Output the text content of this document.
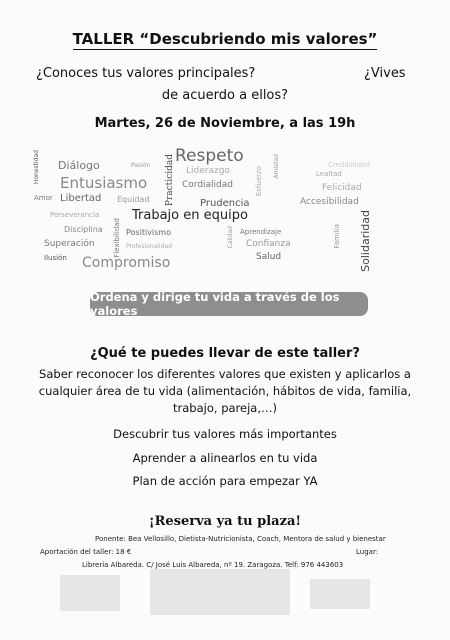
TALLER “Descubriendo mis valores”
¿Conoces tus valores principales?	¿Vives
de acuerdo a ellos?
Martes, 26 de Noviembre, a las 19h
Respeto
Diálogo	Pasión
Liderazgo
Credibilidad
Lealtad
Entusiasmo	Cordialidad	Felicidad
Amor Libertad Equidad	Prudencia	Accesibilidad
Perseverancia	Trabajo en equipo
Disciplina	Positivismo	Aprendizaje
Superación	Profesionalidad	Confianza
Ilusión Compromiso	Salud
Honestidad	Practicidad
Flexibilidad	Calidad	Solidaridad
Familia
Esfuerzo Amistad
Ordena y dirige tu vida a través de los valores
¿Qué te puedes llevar de este taller?
Saber reconocer los diferentes valores que existen y aplicarlos a cualquier área de tu vida (alimentación, hábitos de vida, familia, trabajo, pareja,…)
Descubrir tus valores más importantes
Aprender a alinearlos en tu vida
Plan de acción para empezar YA
¡Reserva ya tu plaza!
Ponente: Bea Vellosillo, Dietista-Nutricionista, Coach, Mentora de salud y bienestar
Aportación del taller: 18 €	Lugar:
Librería Albareda. C/ José Luis Albareda, nº 19. Zaragoza. Telf: 976 443603
